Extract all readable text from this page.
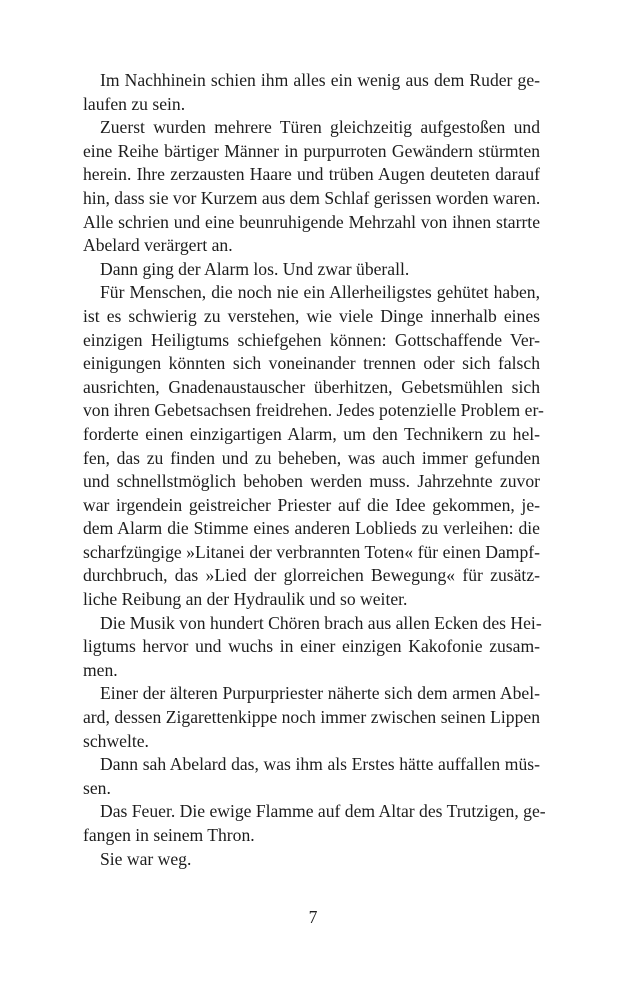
Im Nachhinein schien ihm alles ein wenig aus dem Ruder ge-
laufen zu sein.

Zuerst wurden mehrere Türen gleichzeitig aufgestoßen und
eine Reihe bärtiger Männer in purpurroten Gewändern stürmten
herein. Ihre zerzausten Haare und trüben Augen deuteten darauf
hin, dass sie vor Kurzem aus dem Schlaf gerissen worden waren.
Alle schrien und eine beunruhigende Mehrzahl von ihnen starrte
Abelard verärgert an.

Dann ging der Alarm los. Und zwar überall.

Für Menschen, die noch nie ein Allerheiligstes gehütet haben,
ist es schwierig zu verstehen, wie viele Dinge innerhalb eines
einzigen Heiligtums schiefgehen können: Gottschaffende Ver-
einigungen könnten sich voneinander trennen oder sich falsch
ausrichten, Gnadenaustauscher überhitzen, Gebetsmühlen sich
von ihren Gebetsachsen freidrehen. Jedes potenzielle Problem er-
forderte einen einzigartigen Alarm, um den Technikern zu hel-
fen, das zu finden und zu beheben, was auch immer gefunden
und schnellstmöglich behoben werden muss. Jahrzehnte zuvor
war irgendein geistreicher Priester auf die Idee gekommen, je-
dem Alarm die Stimme eines anderen Loblieds zu verleihen: die
scharfzüngige »Litanei der verbrannten Toten« für einen Dampf-
durchbruch, das »Lied der glorreichen Bewegung« für zusätz-
liche Reibung an der Hydraulik und so weiter.

Die Musik von hundert Chören brach aus allen Ecken des Hei-
ligtums hervor und wuchs in einer einzigen Kakofonie zusam-
men.

Einer der älteren Purpurpriester näherte sich dem armen Abel-
ard, dessen Zigarettenkippe noch immer zwischen seinen Lippen
schwelte.

Dann sah Abelard das, was ihm als Erstes hätte auffallen müs-
sen.

Das Feuer. Die ewige Flamme auf dem Altar des Trutzigen, ge-
fangen in seinem Thron.

Sie war weg.

7
